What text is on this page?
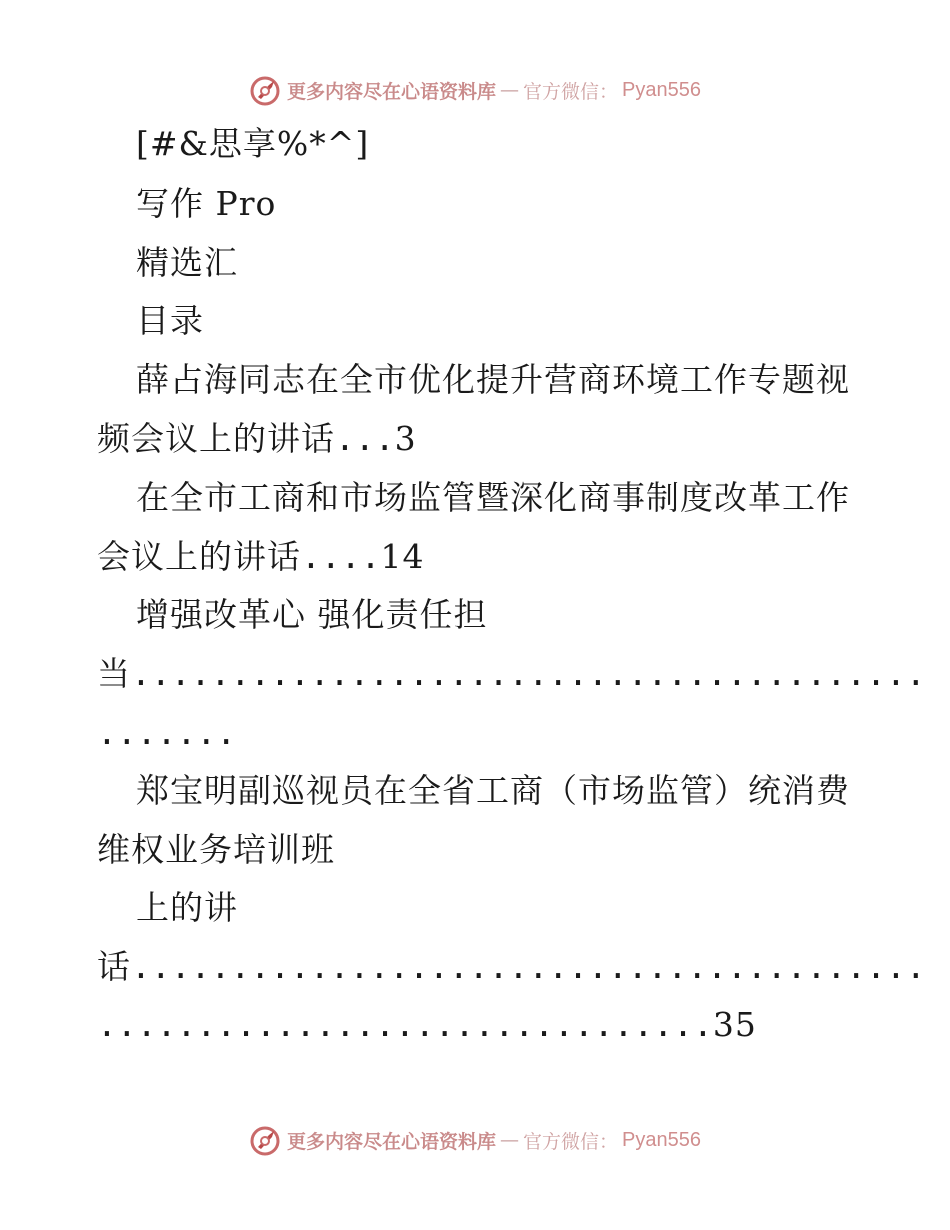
更多内容尽在心语资料库 — 官方微信： Pyan556
[#&思享%*^]
写作 Pro
精选汇
目录
薛占海同志在全市优化提升营商环境工作专题视
频会议上的讲话...3
在全市工商和市场监管暨深化商事制度改革工作
会议上的讲话....14
增强改革心 强化责任担
当........................................
.......
郑宝明副巡视员在全省工商（市场监管）统消费
维权业务培训班
上的讲
话........................................
...............................35
更多内容尽在心语资料库 — 官方微信： Pyan556
